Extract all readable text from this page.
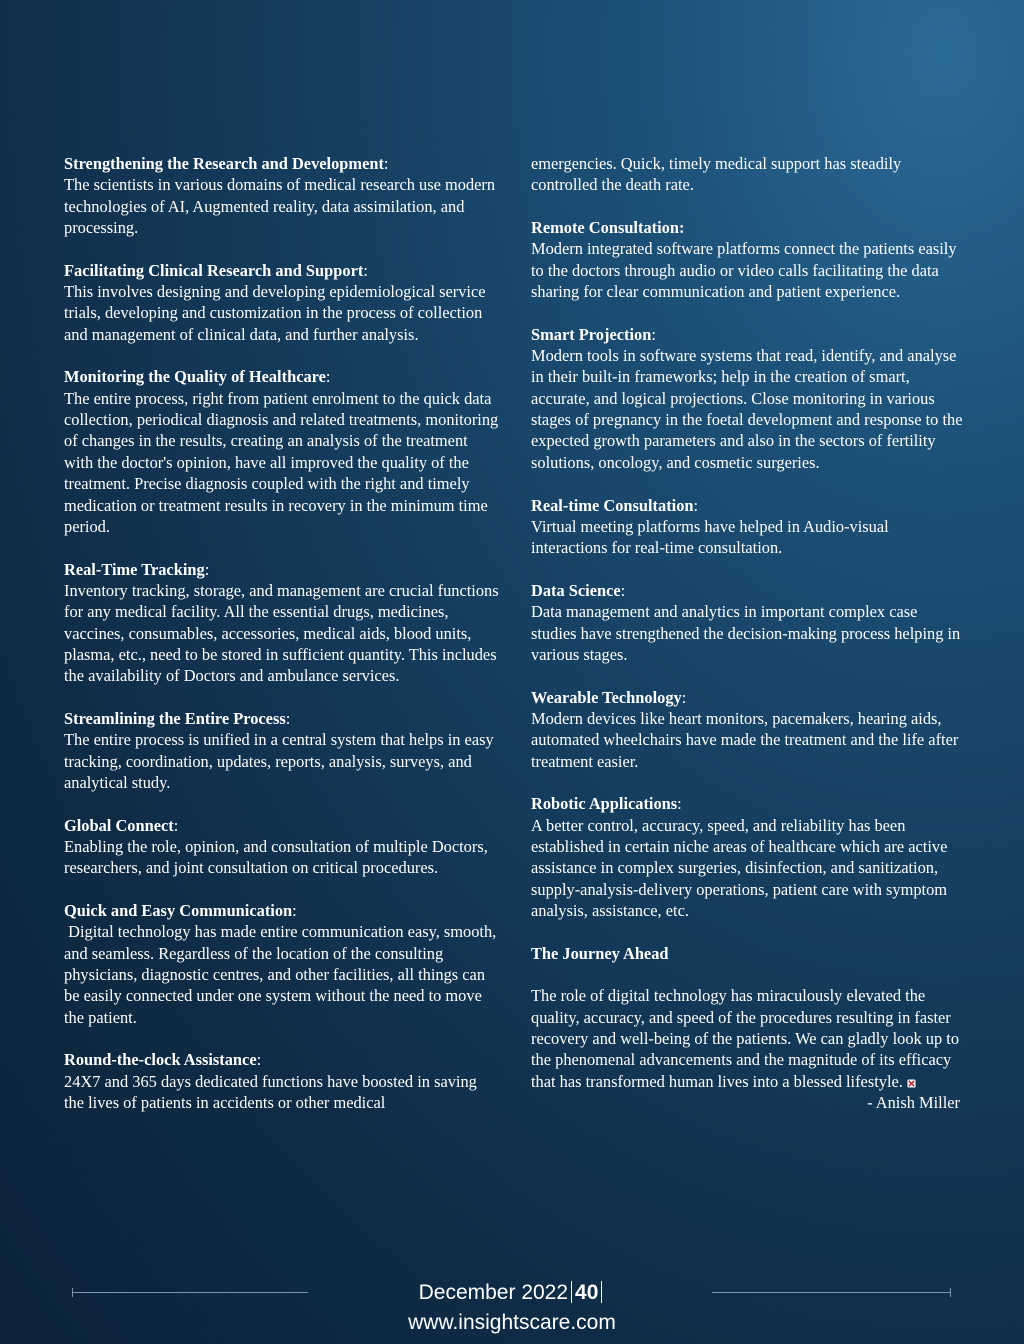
Strengthening the Research and Development:

The scientists in various domains of medical research use modern technologies of AI, Augmented reality, data assimilation, and processing.

Facilitating Clinical Research and Support:

This involves designing and developing epidemiological service trials, developing and customization in the process of collection and management of clinical data, and further analysis.

Monitoring the Quality of Healthcare:

The entire process, right from patient enrolment to the quick data collection, periodical diagnosis and related treatments, monitoring of changes in the results, creating an analysis of the treatment with the doctor's opinion, have all improved the quality of the treatment. Precise diagnosis coupled with the right and timely medication or treatment results in recovery in the minimum time period.

Real-Time Tracking:

Inventory tracking, storage, and management are crucial functions for any medical facility. All the essential drugs, medicines, vaccines, consumables, accessories, medical aids, blood units, plasma, etc., need to be stored in sufficient quantity. This includes the availability of Doctors and ambulance services.

Streamlining the Entire Process:

The entire process is unified in a central system that helps in easy tracking, coordination, updates, reports, analysis, surveys, and analytical study.

Global Connect:

Enabling the role, opinion, and consultation of multiple Doctors, researchers, and joint consultation on critical procedures.

Quick and Easy Communication:

Digital technology has made entire communication easy, smooth, and seamless. Regardless of the location of the consulting physicians, diagnostic centres, and other facilities, all things can be easily connected under one system without the need to move the patient.

Round-the-clock Assistance:

24X7 and 365 days dedicated functions have boosted in saving the lives of patients in accidents or other medical

emergencies. Quick, timely medical support has steadily controlled the death rate.

Remote Consultation:

Modern integrated software platforms connect the patients easily to the doctors through audio or video calls facilitating the data sharing for clear communication and patient experience.

Smart Projection:

Modern tools in software systems that read, identify, and analyse in their built-in frameworks; help in the creation of smart, accurate, and logical projections. Close monitoring in various stages of pregnancy in the foetal development and response to the expected growth parameters and also in the sectors of fertility solutions, oncology, and cosmetic surgeries.

Real-time Consultation:

Virtual meeting platforms have helped in Audio-visual interactions for real-time consultation.

Data Science:

Data management and analytics in important complex case studies have strengthened the decision-making process helping in various stages.

Wearable Technology:

Modern devices like heart monitors, pacemakers, hearing aids, automated wheelchairs have made the treatment and the life after treatment easier.

Robotic Applications:

A better control, accuracy, speed, and reliability has been established in certain niche areas of healthcare which are active assistance in complex surgeries, disinfection, and sanitization, supply-analysis-delivery operations, patient care with symptom analysis, assistance, etc.

The Journey Ahead

The role of digital technology has miraculously elevated the quality, accuracy, and speed of the procedures resulting in faster recovery and well-being of the patients. We can gladly look up to the phenomenal advancements and the magnitude of its efficacy that has transformed human lives into a blessed lifestyle.

- Anish Miller

December 2022 40www.insightscare.com
